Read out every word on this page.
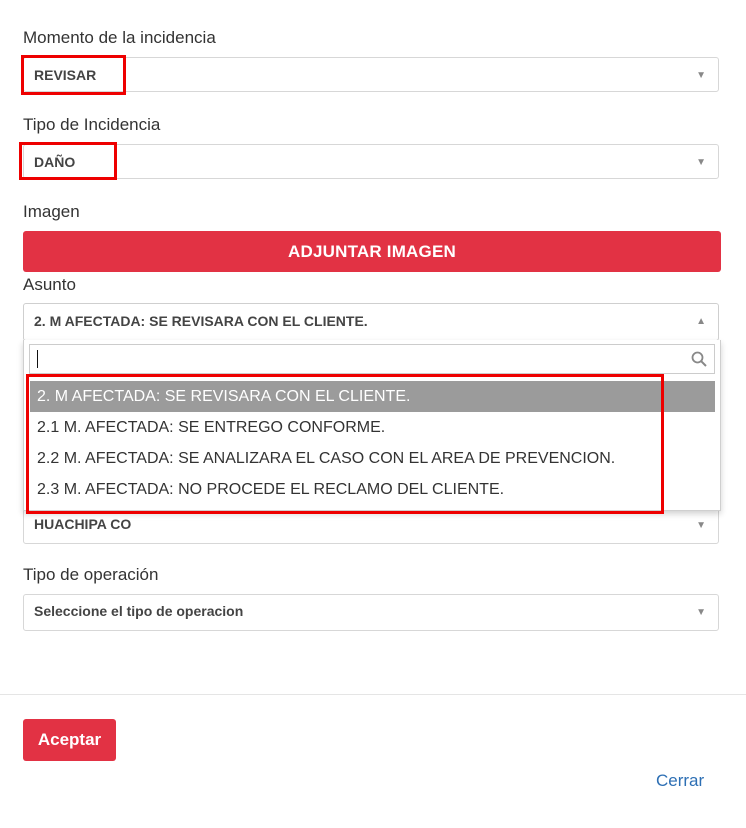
Momento de la incidencia
REVISAR	▼
Tipo de Incidencia
DAÑO	▼
Imagen
ADJUNTAR IMAGEN
Asunto
2. M AFECTADA: SE REVISARA CON EL CLIENTE.	▲
HUACHIPA CO	▼
2. M AFECTADA: SE REVISARA CON EL CLIENTE.
2.1 M. AFECTADA: SE ENTREGO CONFORME.
2.2 M. AFECTADA: SE ANALIZARA EL CASO CON EL AREA DE PREVENCION.
2.3 M. AFECTADA: NO PROCEDE EL RECLAMO DEL CLIENTE.
Tipo de operación
Seleccione el tipo de operacion	▼
Aceptar
Cerrar
